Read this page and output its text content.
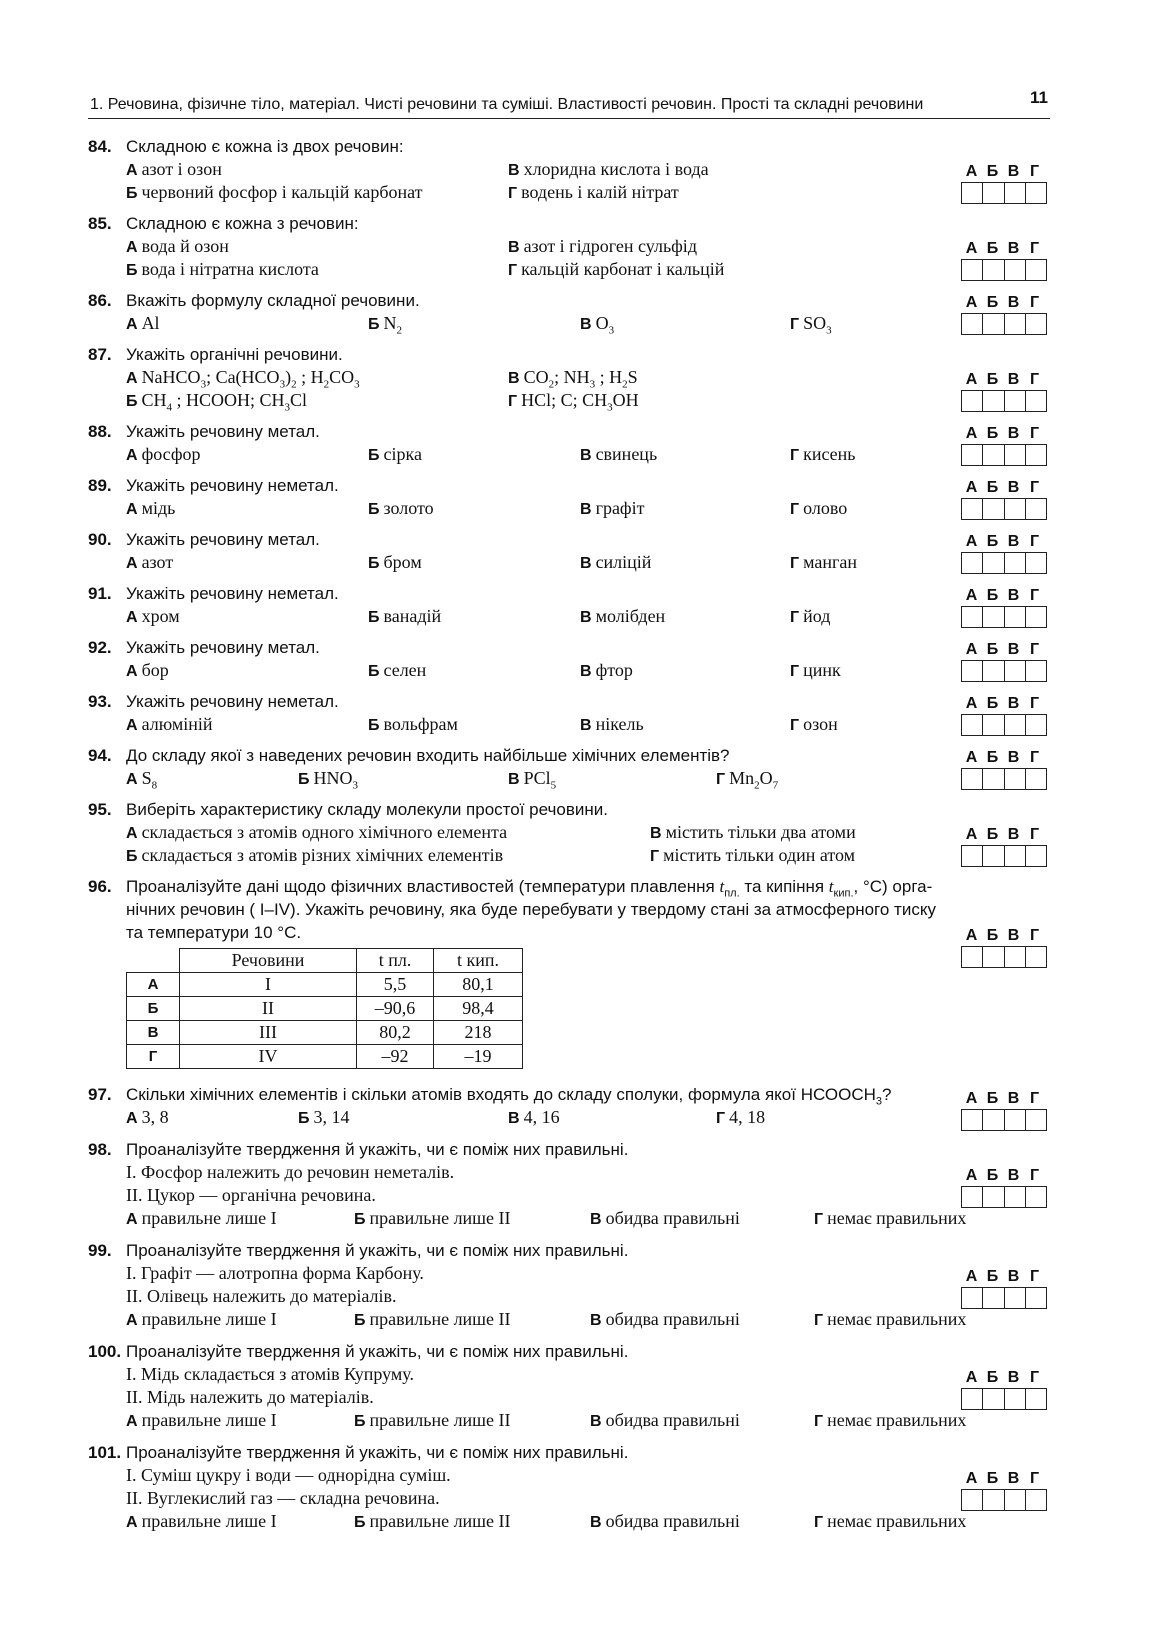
1. Речовина, фізичне тіло, матеріал. Чисті речовини та суміші. Властивості речовин. Прості та складні речовини	11
84. Складною є кожна із двох речовин:
А азот і озон
Б червоний фосфор і кальцій карбонат
В хлоридна кислота і вода
Г водень і калій нітрат
85. Складною є кожна з речовин:
А вода й озон
Б вода і нітратна кислота
В азот і гідроген сульфід
Г кальцій карбонат і кальцій
86. Вкажіть формулу складної речовини.
А Al	Б $N_2$	В $O_3$	Г $SO_3$
87. Укажіть органічні речовини.
А NaHCO$_3$; $Ca(HCO_3)_2$ ; $H_2CO_3$
Б $CH_4$ ; HCOOH; $CH_3Cl$
В $CO_2$; $NH_3$ ; $H_2S$
Г HCl; C; $CH_3OH$
88. Укажіть речовину метал.
А фосфор	Б сірка	В свинець	Г кисень
89. Укажіть речовину неметал.
А мідь	Б золото	В графіт	Г олово
90. Укажіть речовину метал.
А азот	Б бром	В силіцій	Г манган
91. Укажіть речовину неметал.
А хром	Б ванадій	В молібден	Г йод
92. Укажіть речовину метал.
А бор	Б селен	В фтор	Г цинк
93. Укажіть речовину неметал.
А алюміній	Б вольфрам	В нікель	Г озон
94. До складу якої з наведених речовин входить найбільше хімічних елементів?
А $S_8$	Б $HNO_3$	В PCl$_5$	Г $Mn_2O_7$
95. Виберіть характеристику складу молекули простої речовини.
А складається з атомів одного хімічного елемента
Б складається з атомів різних хімічних елементів
В містить тільки два атоми
Г містить тільки один атом
96. Проаналізуйте дані щодо фізичних властивостей (температури плавлення $t_{пл.}$ та кипіння $t_{кип.}$, °С) орга-
нічних речовин ( I–IV). Укажіть речовину, яка буде перебувати у твердому стані за атмосферного тиску
та температури 10 °С.
	Речовини	t пл.	t кип.
А	I	5,5	80,1
Б	II	–90,6	98,4
В	III	80,2	218
Г	IV	–92	–19
97. Скільки хімічних елементів і скільки атомів входять до складу сполуки, формула якої $НСООСН_3$?
А 3, 8	Б 3, 14	В 4, 16	Г 4, 18
98. Проаналізуйте твердження й укажіть, чи є поміж них правильні.
I. Фосфор належить до речовин неметалів.
II. Цукор — органічна речовина.
А правильне лише I	Б правильне лише II	В обидва правильні	Г немає правильних
99. Проаналізуйте твердження й укажіть, чи є поміж них правильні.
I. Графіт — алотропна форма Карбону.
II. Олівець належить до матеріалів.
А правильне лише I	Б правильне лише II	В обидва правильні	Г немає правильних
100. Проаналізуйте твердження й укажіть, чи є поміж них правильні.
I. Мідь складається з атомів Купруму.
II. Мідь належить до матеріалів.
А правильне лише I	Б правильне лише II	В обидва правильні	Г немає правильних
101. Проаналізуйте твердження й укажіть, чи є поміж них правильні.
I. Суміш цукру і води — однорідна суміш.
II. Вуглекислий газ — складна речовина.
А правильне лише I	Б правильне лише II	В обидва правильні	Г немає правильних
А Б В Г
А Б В Г
А Б В Г
А Б В Г
А Б В Г
А Б В Г
А Б В Г
А Б В Г
А Б В Г
А Б В Г
А Б В Г
А Б В Г
А Б В Г
А Б В Г
А Б В Г
А Б В Г
А Б В Г
А Б В Г
